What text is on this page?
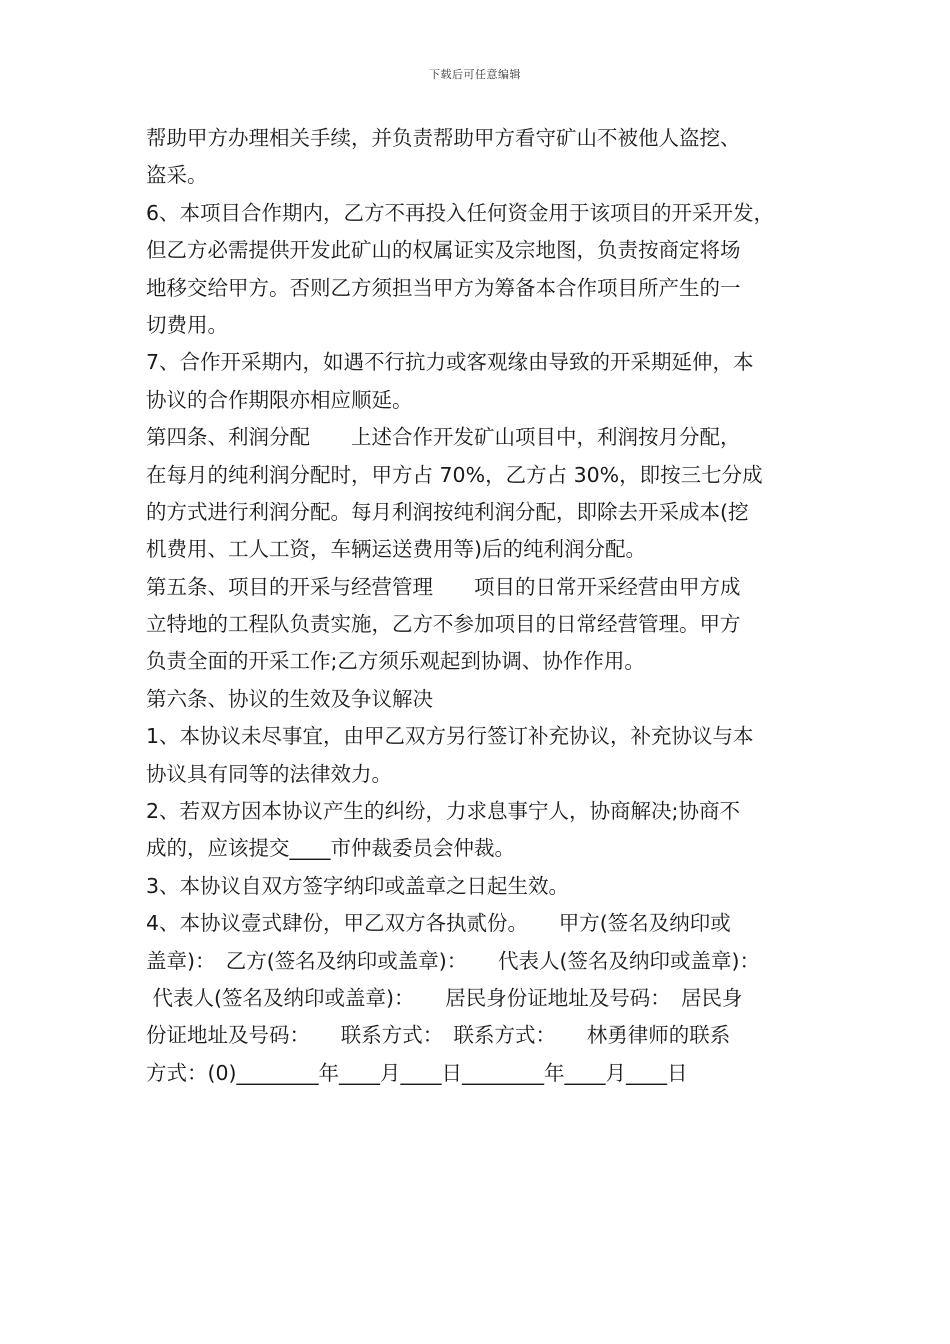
下载后可任意编辑
帮助甲方办理相关手续，并负责帮助甲方看守矿山不被他人盗挖、
盗采。
6、本项目合作期内，乙方不再投入任何资金用于该项目的开采开发，
但乙方必需提供开发此矿山的权属证实及宗地图，负责按商定将场
地移交给甲方。否则乙方须担当甲方为筹备本合作项目所产生的一
切费用。
7、合作开采期内，如遇不行抗力或客观缘由导致的开采期延伸，本
协议的合作期限亦相应顺延。
第四条、利润分配　　上述合作开发矿山项目中，利润按月分配，
在每月的纯利润分配时，甲方占 70%，乙方占 30%，即按三七分成
的方式进行利润分配。每月利润按纯利润分配，即除去开采成本(挖
机费用、工人工资，车辆运送费用等)后的纯利润分配。
第五条、项目的开采与经营管理　　项目的日常开采经营由甲方成
立特地的工程队负责实施，乙方不参加项目的日常经营管理。甲方
负责全面的开采工作;乙方须乐观起到协调、协作作用。
第六条、协议的生效及争议解决
1、本协议未尽事宜，由甲乙双方另行签订补充协议，补充协议与本
协议具有同等的法律效力。
2、若双方因本协议产生的纠纷，力求息事宁人，协商解决;协商不
成的，应该提交____市仲裁委员会仲裁。
3、本协议自双方签字纳印或盖章之日起生效。
4、本协议壹式肆份，甲乙双方各执贰份。　　甲方(签名及纳印或
盖章)：　乙方(签名及纳印或盖章)：　　代表人(签名及纳印或盖章)：
代表人(签名及纳印或盖章)：　　居民身份证地址及号码：　居民身
份证地址及号码：　　联系方式：　联系方式：　　林勇律师的联系
方式：(0)________年____月____日________年____月____日
